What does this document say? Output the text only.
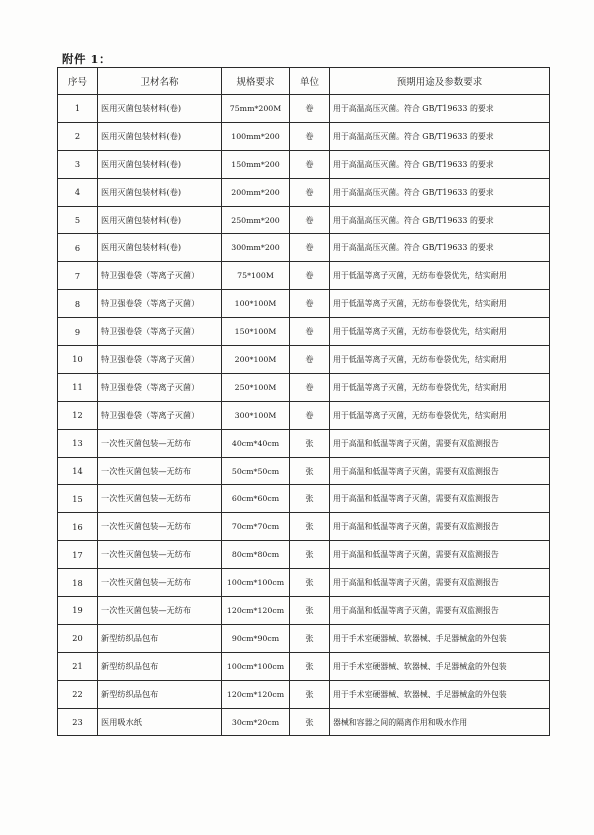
附件 1：
序号	卫材名称	规格要求	单位	预期用途及参数要求
1	医用灭菌包装材料(卷)	75mm*200M	卷	用于高温高压灭菌。符合 GB/T19633 的要求
2	医用灭菌包装材料(卷)	100mm*200	卷	用于高温高压灭菌。符合 GB/T19633 的要求
3	医用灭菌包装材料(卷)	150mm*200	卷	用于高温高压灭菌。符合 GB/T19633 的要求
4	医用灭菌包装材料(卷)	200mm*200	卷	用于高温高压灭菌。符合 GB/T19633 的要求
5	医用灭菌包装材料(卷)	250mm*200	卷	用于高温高压灭菌。符合 GB/T19633 的要求
6	医用灭菌包装材料(卷)	300mm*200	卷	用于高温高压灭菌。符合 GB/T19633 的要求
7	特卫强卷袋（等离子灭菌）	75*100M	卷	用于低温等离子灭菌，无纺布卷袋优先，结实耐用
8	特卫强卷袋（等离子灭菌）	100*100M	卷	用于低温等离子灭菌，无纺布卷袋优先，结实耐用
9	特卫强卷袋（等离子灭菌）	150*100M	卷	用于低温等离子灭菌，无纺布卷袋优先，结实耐用
10	特卫强卷袋（等离子灭菌）	200*100M	卷	用于低温等离子灭菌，无纺布卷袋优先，结实耐用
11	特卫强卷袋（等离子灭菌）	250*100M	卷	用于低温等离子灭菌，无纺布卷袋优先，结实耐用
12	特卫强卷袋（等离子灭菌）	300*100M	卷	用于低温等离子灭菌，无纺布卷袋优先，结实耐用
13	一次性灭菌包装—无纺布	40cm*40cm	张	用于高温和低温等离子灭菌，需要有双监测报告
14	一次性灭菌包装—无纺布	50cm*50cm	张	用于高温和低温等离子灭菌，需要有双监测报告
15	一次性灭菌包装—无纺布	60cm*60cm	张	用于高温和低温等离子灭菌，需要有双监测报告
16	一次性灭菌包装—无纺布	70cm*70cm	张	用于高温和低温等离子灭菌，需要有双监测报告
17	一次性灭菌包装—无纺布	80cm*80cm	张	用于高温和低温等离子灭菌，需要有双监测报告
18	一次性灭菌包装—无纺布	100cm*100cm	张	用于高温和低温等离子灭菌，需要有双监测报告
19	一次性灭菌包装—无纺布	120cm*120cm	张	用于高温和低温等离子灭菌，需要有双监测报告
20	新型纺织品包布	90cm*90cm	张	用于手术室硬器械、软器械、手足器械盒的外包装
21	新型纺织品包布	100cm*100cm	张	用于手术室硬器械、软器械、手足器械盒的外包装
22	新型纺织品包布	120cm*120cm	张	用于手术室硬器械、软器械、手足器械盒的外包装
23	医用吸水纸	30cm*20cm	张	器械和容器之间的隔离作用和吸水作用
